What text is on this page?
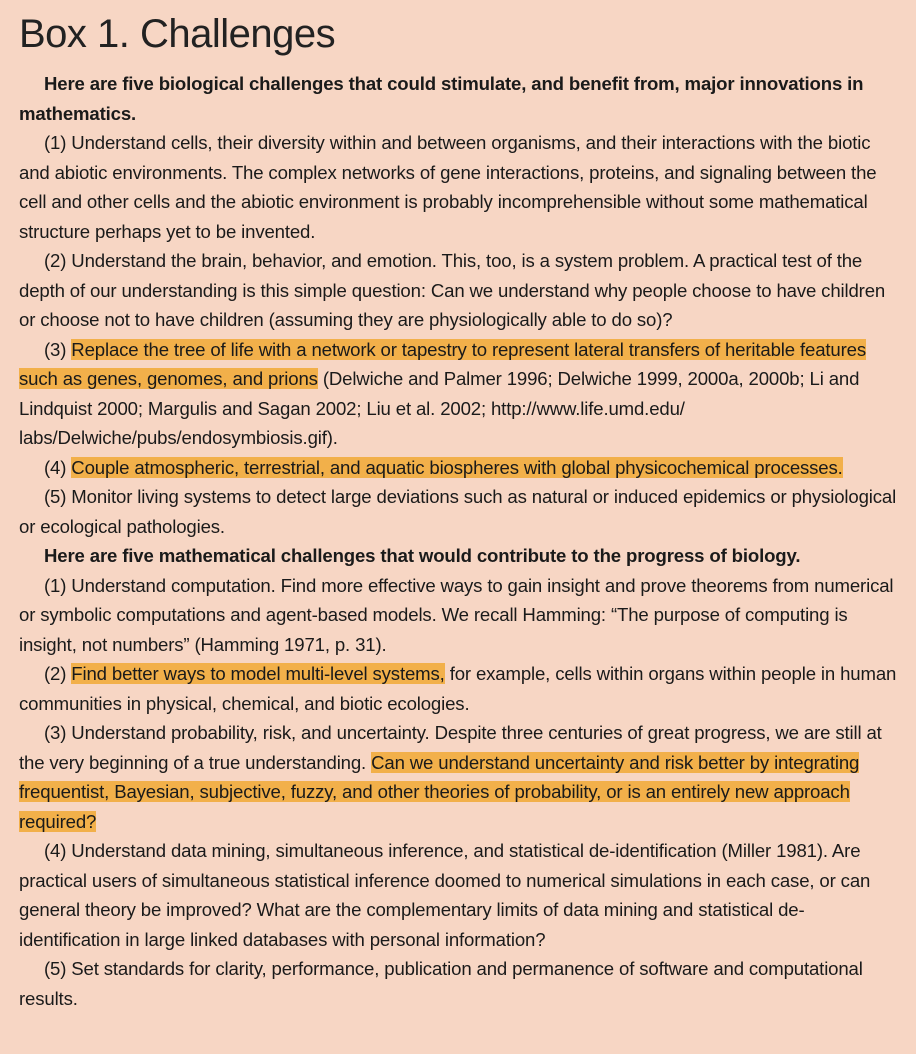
Box 1. Challenges

Here are five biological challenges that could stimulate, and benefit from, major innovations in mathematics.

(1) Understand cells, their diversity within and between organisms, and their interactions with the biotic and abiotic environments. The complex networks of gene interactions, proteins, and signaling between the cell and other cells and the abiotic environment is probably incomprehensible without some mathematical structure perhaps yet to be invented.

(2) Understand the brain, behavior, and emotion. This, too, is a system problem. A practical test of the depth of our understanding is this simple question: Can we understand why people choose to have children or choose not to have children (assuming they are physiologically able to do so)?

(3) Replace the tree of life with a network or tapestry to represent lateral transfers of heritable features such as genes, genomes, and prions (Delwiche and Palmer 1996; Delwiche 1999, 2000a, 2000b; Li and Lindquist 2000; Margulis and Sagan 2002; Liu et al. 2002; http://www.life.umd.edu/ labs/Delwiche/pubs/endosymbiosis.gif).

(4) Couple atmospheric, terrestrial, and aquatic biospheres with global physicochemical processes.

(5) Monitor living systems to detect large deviations such as natural or induced epidemics or physiological or ecological pathologies.

Here are five mathematical challenges that would contribute to the progress of biology.

(1) Understand computation. Find more effective ways to gain insight and prove theorems from numerical or symbolic computations and agent-based models. We recall Hamming: “The purpose of computing is insight, not numbers” (Hamming 1971, p. 31).

(2) Find better ways to model multi-level systems, for example, cells within organs within people in human communities in physical, chemical, and biotic ecologies.

(3) Understand probability, risk, and uncertainty. Despite three centuries of great progress, we are still at the very beginning of a true understanding. Can we understand uncertainty and risk better by integrating frequentist, Bayesian, subjective, fuzzy, and other theories of probability, or is an entirely new approach required?

(4) Understand data mining, simultaneous inference, and statistical de-identification (Miller 1981). Are practical users of simultaneous statistical inference doomed to numerical simulations in each case, or can general theory be improved? What are the complementary limits of data mining and statistical de-identification in large linked databases with personal information?

(5) Set standards for clarity, performance, publication and permanence of software and computational results.
